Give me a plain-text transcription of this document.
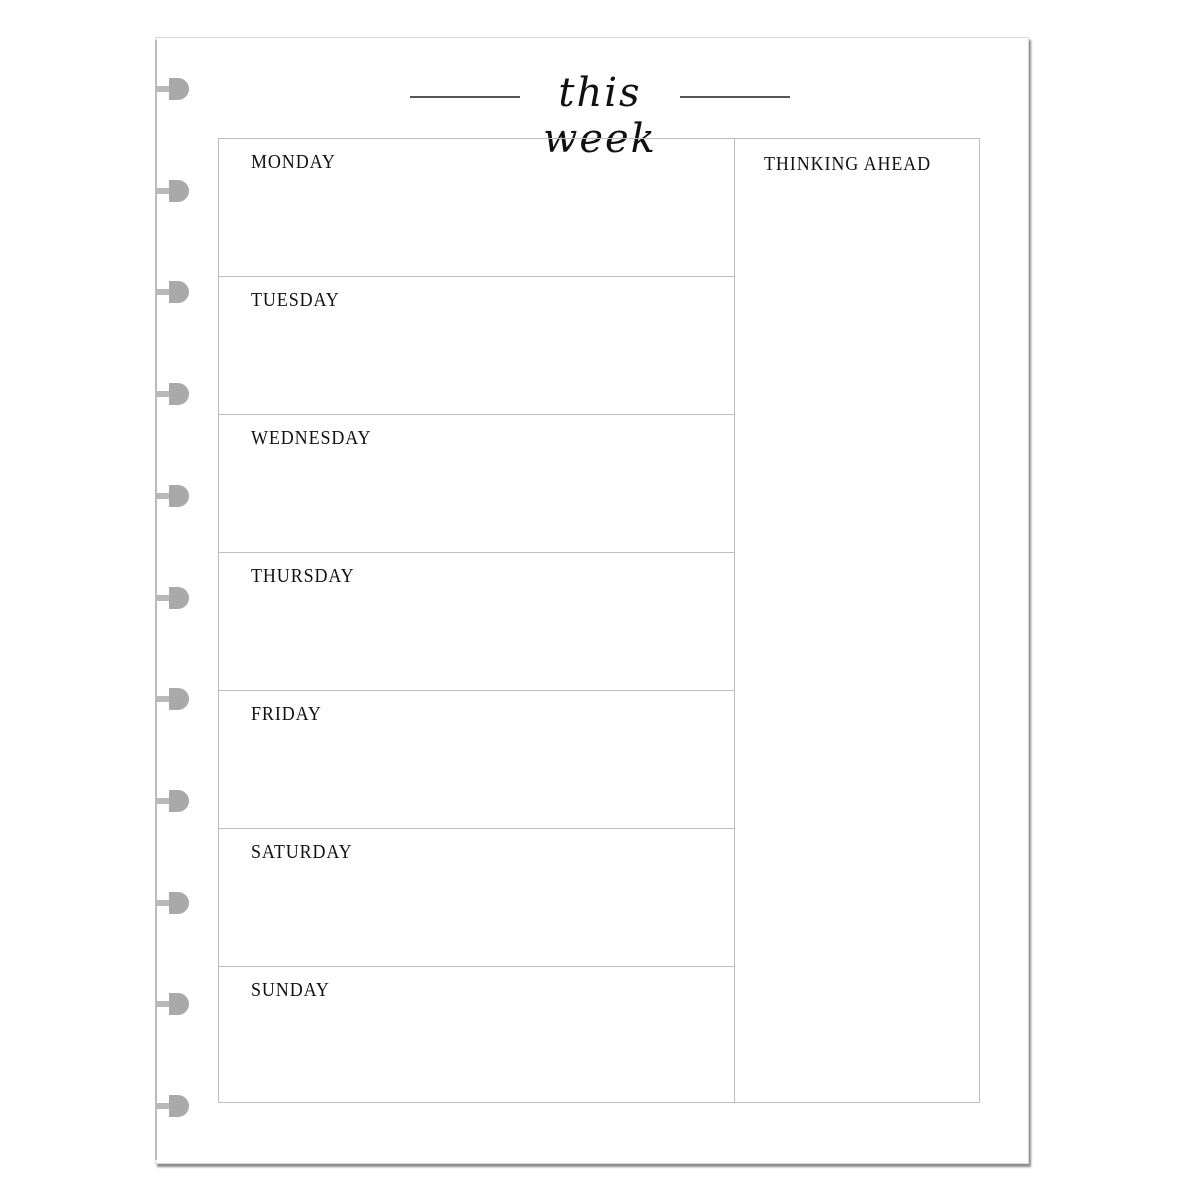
this week
MONDAY
TUESDAY
WEDNESDAY
THURSDAY
FRIDAY
SATURDAY
SUNDAY
THINKING AHEAD
